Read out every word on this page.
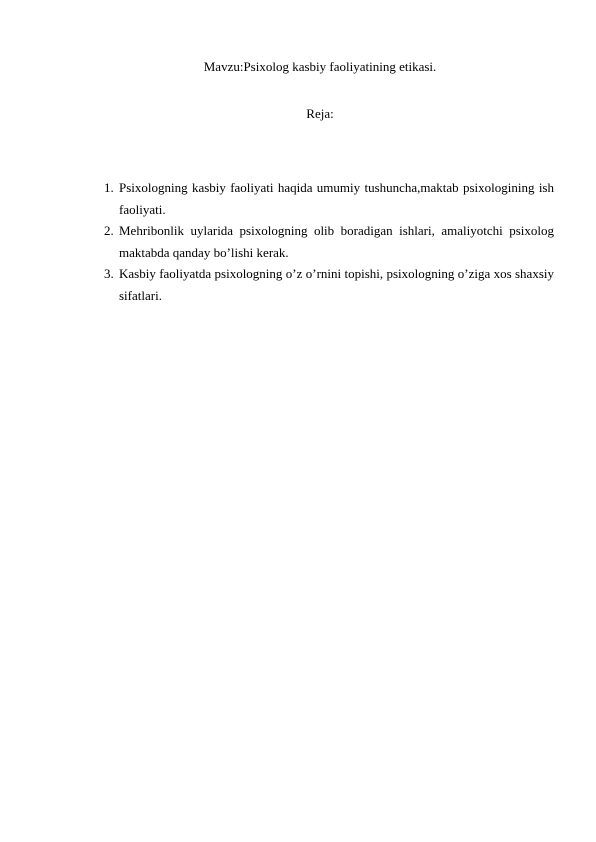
Mavzu:Psixolog kasbiy faoliyatining etikasi.
Reja:
1. Psixologning kasbiy faoliyati haqida umumiy tushuncha,maktab psixologining ish faoliyati.
2. Mehribonlik uylarida psixologning olib boradigan ishlari, amaliyotchi psixolog maktabda qanday bo’lishi kerak.
3. Kasbiy faoliyatda psixologning o’z o’rnini topishi, psixologning o’ziga xos shaxsiy sifatlari.
